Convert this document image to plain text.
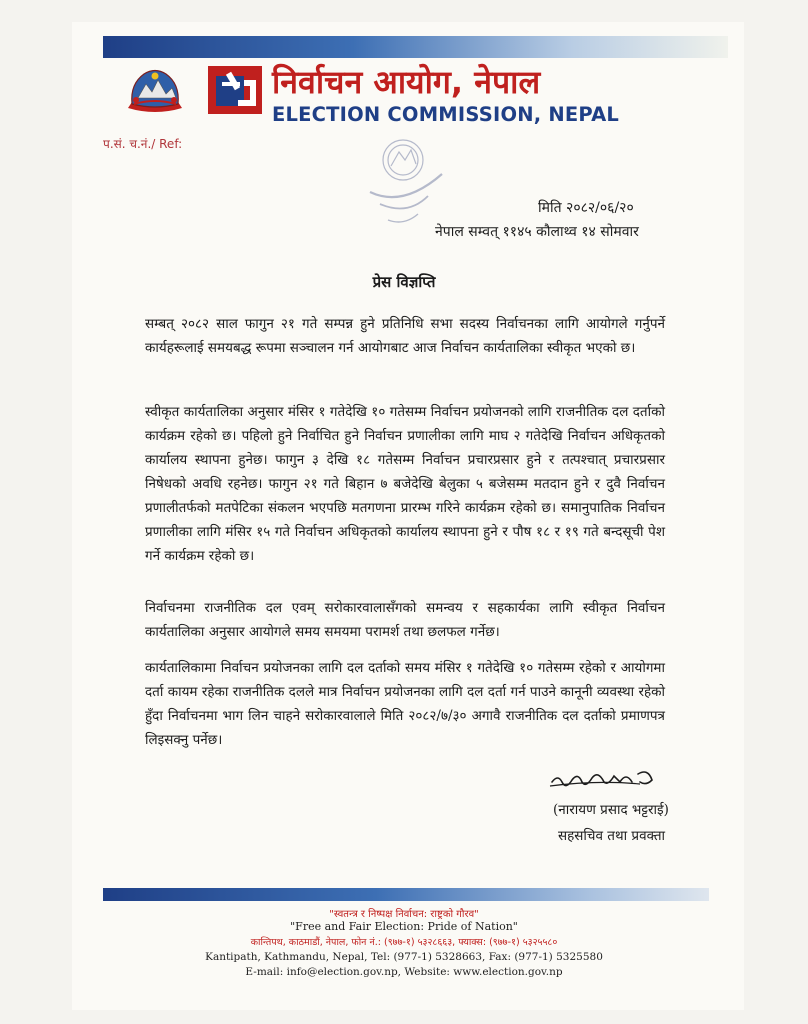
निर्वाचन आयोग, नेपाल
ELECTION COMMISSION, NEPAL
प.सं. च.नं./ Ref:
मिति २०८२/०६/२०
नेपाल सम्वत् ११४५ कौलाथ्व १४ सोमवार
प्रेस विज्ञप्ति

सम्बत् २०८२ साल फागुन २१ गते सम्पन्न हुने प्रतिनिधि सभा सदस्य निर्वाचनका लागि आयोगले गर्नुपर्ने कार्यहरूलाई समयबद्ध रूपमा सञ्चालन गर्न आयोगबाट आज निर्वाचन कार्यतालिका स्वीकृत भएको छ।

स्वीकृत कार्यतालिका अनुसार मंसिर १ गतेदेखि १० गतेसम्म निर्वाचन प्रयोजनको लागि राजनीतिक दल दर्ताको कार्यक्रम रहेको छ। पहिलो हुने निर्वाचित हुने निर्वाचन प्रणालीका लागि माघ २ गतेदेखि निर्वाचन अधिकृतको कार्यालय स्थापना हुनेछ। फागुन ३ देखि १८ गतेसम्म निर्वाचन प्रचारप्रसार हुने र तत्पश्चात् प्रचारप्रसार निषेधको अवधि रहनेछ। फागुन २१ गते बिहान ७ बजेदेखि बेलुका ५ बजेसम्म मतदान हुने र दुवै निर्वाचन प्रणालीतर्फको मतपेटिका संकलन भएपछि मतगणना प्रारम्भ गरिने कार्यक्रम रहेको छ। समानुपातिक निर्वाचन प्रणालीका लागि मंसिर १५ गते निर्वाचन अधिकृतको कार्यालय स्थापना हुने र पौष १८ र १९ गते बन्दसूची पेश गर्ने कार्यक्रम रहेको छ।

निर्वाचनमा राजनीतिक दल एवम् सरोकारवालासँगको समन्वय र सहकार्यका लागि स्वीकृत निर्वाचन कार्यतालिका अनुसार आयोगले समय समयमा परामर्श तथा छलफल गर्नेछ।

कार्यतालिकामा निर्वाचन प्रयोजनका लागि दल दर्ताको समय मंसिर १ गतेदेखि १० गतेसम्म रहेको र आयोगमा दर्ता कायम रहेका राजनीतिक दलले मात्र निर्वाचन प्रयोजनका लागि दल दर्ता गर्न पाउने कानूनी व्यवस्था रहेको हुँदा निर्वाचनमा भाग लिन चाहने सरोकारवालाले मिति २०८२/७/३० अगावै राजनीतिक दल दर्ताको प्रमाणपत्र लिइसक्नु पर्नेछ।

(नारायण प्रसाद भट्टराई)
सहसचिव तथा प्रवक्ता
"स्वतन्त्र र निष्पक्ष निर्वाचन: राष्ट्रको गौरव"
"Free and Fair Election: Pride of Nation"
कान्तिपथ, काठमाडौं, नेपाल, फोन नं.: (९७७-१) ५३२८६६३, फ्याक्स: (९७७-१) ५३२५५८०
Kantipath, Kathmandu, Nepal, Tel: (977-1) 5328663, Fax: (977-1) 5325580
E-mail: info@election.gov.np, Website: www.election.gov.np
